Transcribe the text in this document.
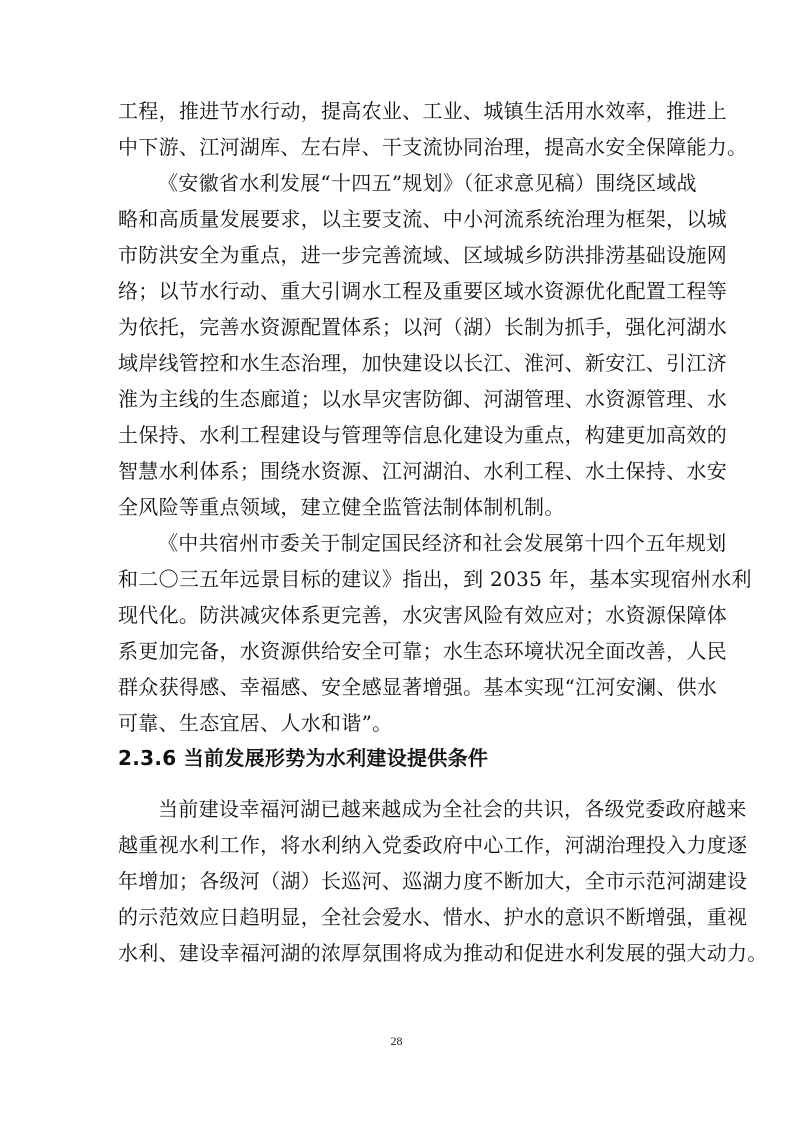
工程，推进节水行动，提高农业、工业、城镇生活用水效率，推进上
中下游、江河湖库、左右岸、干支流协同治理，提高水安全保障能力。
《安徽省水利发展“十四五”规划》（征求意见稿）围绕区域战
略和高质量发展要求，以主要支流、中小河流系统治理为框架，以城
市防洪安全为重点，进一步完善流域、区域城乡防洪排涝基础设施网
络；以节水行动、重大引调水工程及重要区域水资源优化配置工程等
为依托，完善水资源配置体系；以河（湖）长制为抓手，强化河湖水
域岸线管控和水生态治理，加快建设以长江、淮河、新安江、引江济
淮为主线的生态廊道；以水旱灾害防御、河湖管理、水资源管理、水
土保持、水利工程建设与管理等信息化建设为重点，构建更加高效的
智慧水利体系；围绕水资源、江河湖泊、水利工程、水土保持、水安
全风险等重点领域，建立健全监管法制体制机制。
《中共宿州市委关于制定国民经济和社会发展第十四个五年规划
和二〇三五年远景目标的建议》指出，到 2035 年，基本实现宿州水利
现代化。防洪减灾体系更完善，水灾害风险有效应对；水资源保障体
系更加完备，水资源供给安全可靠；水生态环境状况全面改善，人民
群众获得感、幸福感、安全感显著增强。基本实现“江河安澜、供水
可靠、生态宜居、人水和谐”。
2.3.6 当前发展形势为水利建设提供条件
当前建设幸福河湖已越来越成为全社会的共识，各级党委政府越来
越重视水利工作，将水利纳入党委政府中心工作，河湖治理投入力度逐
年增加；各级河（湖）长巡河、巡湖力度不断加大，全市示范河湖建设
的示范效应日趋明显，全社会爱水、惜水、护水的意识不断增强，重视
水利、建设幸福河湖的浓厚氛围将成为推动和促进水利发展的强大动力。
28
